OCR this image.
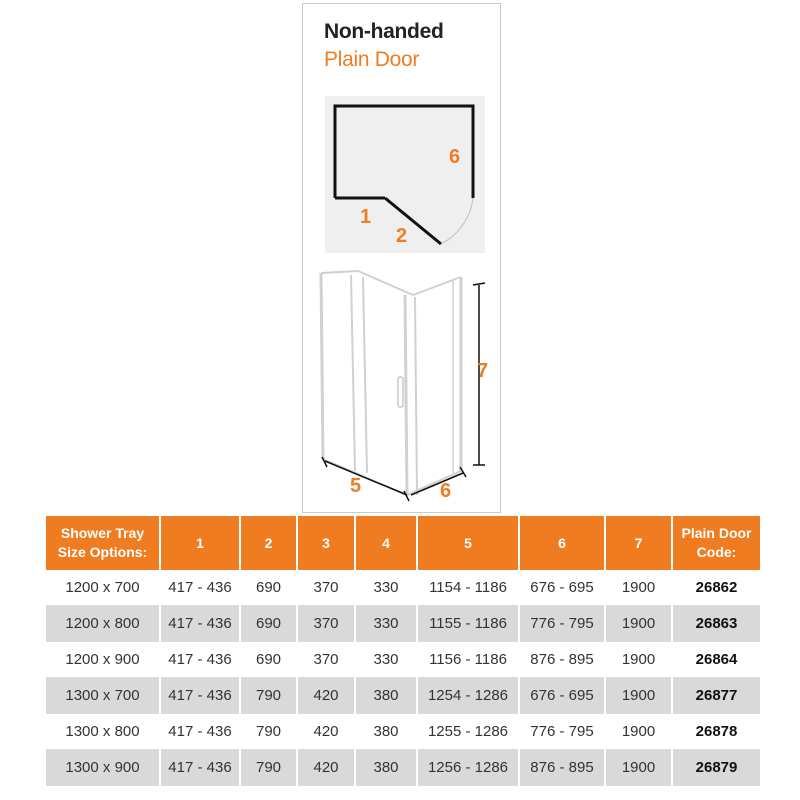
Non-handed
Plain Door
6
1
2
7
5	6
Shower Tray Size Options:	1	2	3	4	5	6	7	Plain Door Code:
1200 x 700	417 - 436	690	370	330	1154 - 1186	676 - 695	1900	26862
1200 x 800	417 - 436	690	370	330	1155 - 1186	776 - 795	1900	26863
1200 x 900	417 - 436	690	370	330	1156 - 1186	876 - 895	1900	26864
1300 x 700	417 - 436	790	420	380	1254 - 1286	676 - 695	1900	26877
1300 x 800	417 - 436	790	420	380	1255 - 1286	776 - 795	1900	26878
1300 x 900	417 - 436	790	420	380	1256 - 1286	876 - 895	1900	26879
